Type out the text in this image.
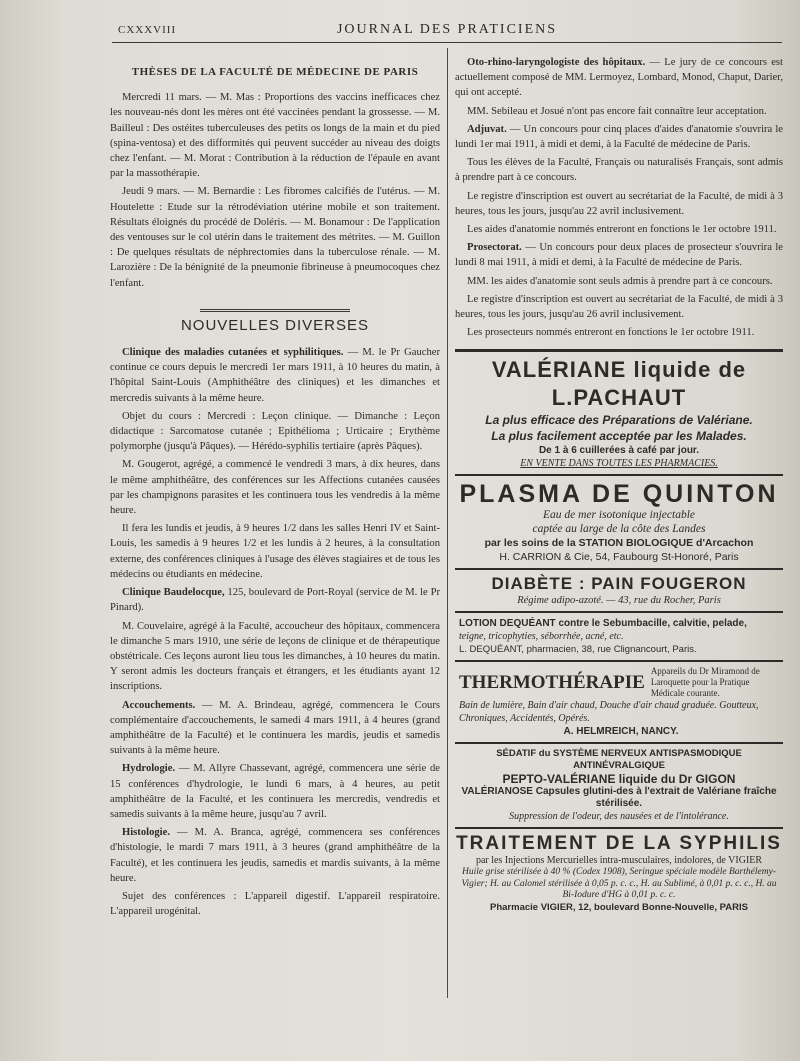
CXXXVIII	JOURNAL DES PRATICIENS
THÈSES DE LA FACULTÉ DE MÉDECINE DE PARIS

Mercredi 11 mars. — M. Mas : Proportions des vaccins inefficaces chez les nouveau-nés dont les mères ont été vaccinées pendant la grossesse. — M. Bailleul : Des ostéites tuberculeuses des petits os longs de la main et du pied (spina-ventosa) et des difformités qui peuvent succéder au niveau des doigts chez l'enfant. — M. Morat : Contribution à la réduction de l'épaule en avant par la massothérapie.

Jeudi 9 mars. — M. Bernardie : Les fibromes calcifiés de l'utérus. — M. Houtelette : Etude sur la rétrodéviation utérine mobile et son traitement. Résultats éloignés du procédé de Doléris. — M. Bonamour : De l'application des ventouses sur le col utérin dans le traitement des métrites. — M. Guillon : De quelques résultats de néphrectomies dans la tuberculose rénale. — M. Larozière : De la bénignité de la pneumonie fibrineuse à pneumocoques chez l'enfant.

NOUVELLES DIVERSES

Clinique des maladies cutanées et syphilitiques. — M. le Pr Gaucher continue ce cours depuis le mercredi 1er mars 1911, à 10 heures du matin, à l'hôpital Saint-Louis (Amphithéâtre des cliniques) et les dimanches et mercredis suivants à la même heure.

Objet du cours : Mercredi : Leçon clinique. — Dimanche : Leçon didactique : Sarcomatose cutanée ; Epithélioma ; Urticaire ; Erythème polymorphe (jusqu'à Pâques). — Hérédo-syphilis tertiaire (après Pâques).

M. Gougerot, agrégé, a commencé le vendredi 3 mars, à dix heures, dans le même amphithéâtre, des conférences sur les Affections cutanées causées par les champignons parasites et les continuera tous les vendredis à la même heure.

Il fera les lundis et jeudis, à 9 heures 1/2 dans les salles Henri IV et Saint-Louis, les samedis à 9 heures 1/2 et les lundis à 2 heures, à la consultation externe, des conférences cliniques à l'usage des élèves stagiaires et de tous les médecins ou étudiants en médecine.

Clinique Baudelocque, 125, boulevard de Port-Royal (service de M. le Pr Pinard).

M. Couvelaire, agrégé à la Faculté, accoucheur des hôpitaux, commencera le dimanche 5 mars 1910, une série de leçons de clinique et de thérapeutique obstétricale. Ces leçons auront lieu tous les dimanches, à 10 heures du matin. Y seront admis les docteurs français et étrangers, et les étudiants ayant 12 inscriptions.

Accouchements. — M. A. Brindeau, agrégé, commencera le Cours complémentaire d'accouchements, le samedi 4 mars 1911, à 4 heures (grand amphithéâtre de la Faculté) et le continuera les mardis, jeudis et samedis suivants à la même heure.

Hydrologie. — M. Allyre Chassevant, agrégé, commencera une série de 15 conférences d'hydrologie, le lundi 6 mars, à 4 heures, au petit amphithéâtre de la Faculté, et les continuera les mercredis, vendredis et samedis suivants à la même heure, jusqu'au 7 avril.

Histologie. — M. A. Branca, agrégé, commencera ses conférences d'histologie, le mardi 7 mars 1911, à 3 heures (grand amphithéâtre de la Faculté), et les continuera les jeudis, samedis et mardis suivants, à la même heure.

Sujet des conférences : L'appareil digestif. L'appareil respiratoire. L'appareil urogénital.

Oto-rhino-laryngologiste des hôpitaux. — Le jury de ce concours est actuellement composé de MM. Lermoyez, Lombard, Monod, Chaput, Darier, qui ont accepté.

MM. Sebileau et Josué n'ont pas encore fait connaître leur acceptation.

Adjuvat. — Un concours pour cinq places d'aides d'anatomie s'ouvrira le lundi 1er mai 1911, à midi et demi, à la Faculté de médecine de Paris.

Tous les élèves de la Faculté, Français ou naturalisés Français, sont admis à prendre part à ce concours.

Le registre d'inscription est ouvert au secrétariat de la Faculté, de midi à 3 heures, tous les jours, jusqu'au 22 avril inclusivement.

Les aides d'anatomie nommés entreront en fonctions le 1er octobre 1911.

Prosectorat. — Un concours pour deux places de prosecteur s'ouvrira le lundi 8 mai 1911, à midi et demi, à la Faculté de médecine de Paris.

MM. les aides d'anatomie sont seuls admis à prendre part à ce concours.

Le registre d'inscription est ouvert au secrétariat de la Faculté, de midi à 3 heures, tous les jours, jusqu'au 26 avril inclusivement.

Les prosecteurs nommés entreront en fonctions le 1er octobre 1911.

VALÉRIANE liquide de L.PACHAUT
La plus efficace des Préparations de Valériane.
La plus facilement acceptée par les Malades.
De 1 à 6 cuillerées à café par jour.
EN VENTE DANS TOUTES LES PHARMACIES.
PLASMA DE QUINTON
Eau de mer isotonique injectable
captée au large de la côte des Landes
par les soins de la STATION BIOLOGIQUE d'Arcachon
H. CARRION & Cie, 54, Faubourg St-Honoré, Paris
DIABÈTE : PAIN FOUGERON
Régime adipo-azoté. — 43, rue du Rocher, Paris
LOTION DEQUÉANT contre le Sebumbacille, calvitie, pelade,
teigne, tricophyties, séborrhée, acné, etc.
L. DEQUÉANT, pharmacien, 38, rue Clignancourt, Paris.
THERMOTHÉRAPIE
Appareils du Dr Miramond de Laroquette pour la Pratique Médicale courante.
Bain de lumière, Bain d'air chaud, Douche d'air chaud graduée. Goutteux, Chroniques, Accidentés, Opérés.
A. HELMREICH, NANCY.
SÉDATIF du SYSTÈME NERVEUX ANTISPASMODIQUE ANTINÉVRALGIQUE
PEPTO-VALÉRIANE liquide du Dr GIGON
VALÉRIANOSE Capsules glutini-des à l'extrait de Valériane fraîche stérilisée.
Suppression de l'odeur, des nausées et de l'intolérance.
TRAITEMENT DE LA SYPHILIS
par les Injections Mercurielles intra-musculaires, indolores, de VIGIER
Huile grise stérilisée à 40 % (Codex 1908), Seringue spéciale modèle Barthélemy-Vigier; H. au Calomel stérilisée à 0,05 p. c. c., H. au Sublimé, à 0,01 p. c. c., H. au Bi-Iodure d'HG à 0,01 p. c. c.
Pharmacie VIGIER, 12, boulevard Bonne-Nouvelle, PARIS
